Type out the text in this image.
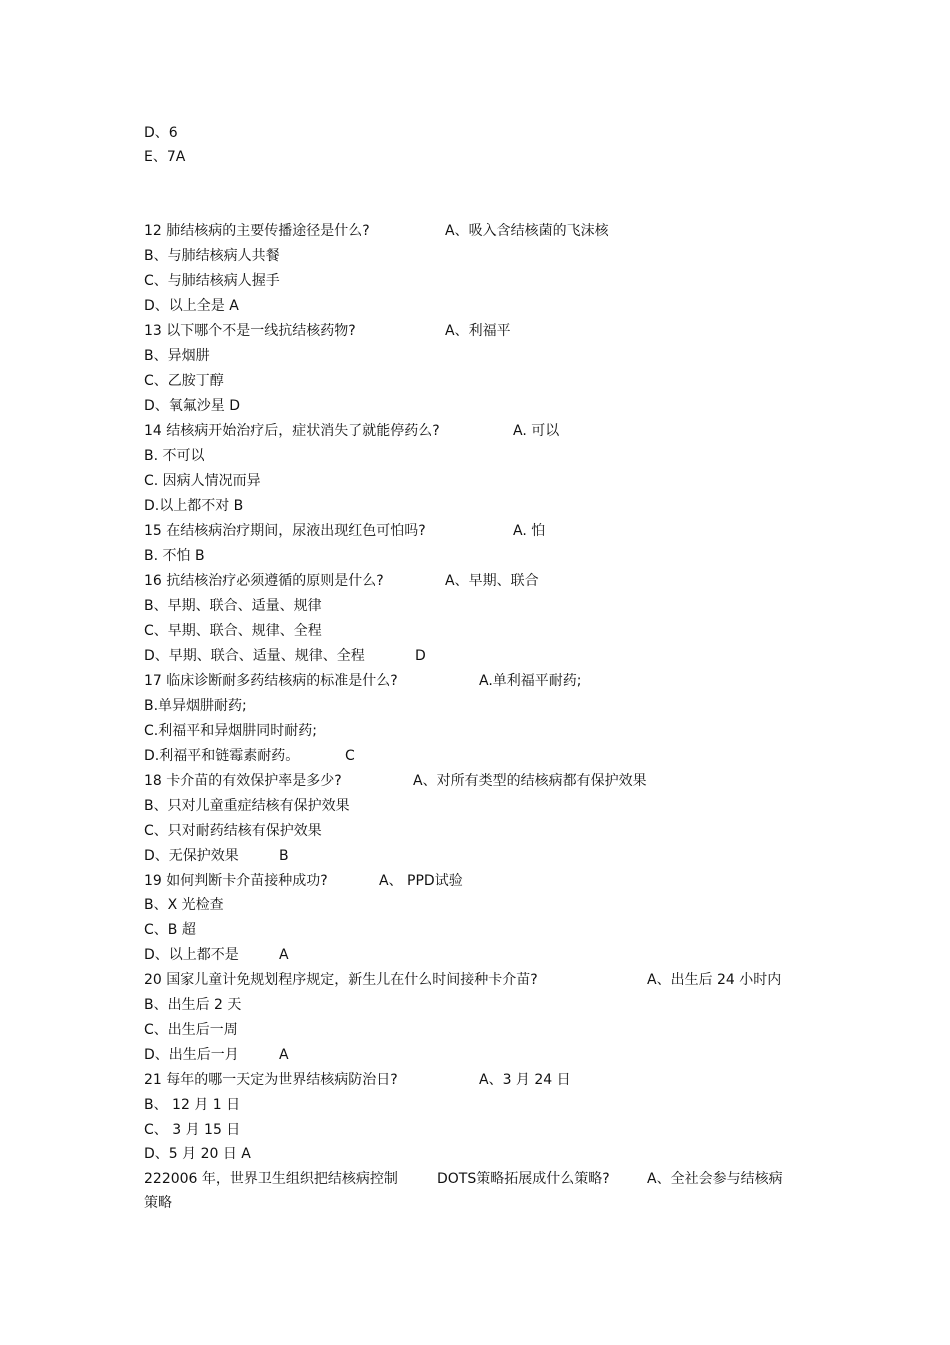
D、6
E、7A
12 肺结核病的主要传播途径是什么?	A、吸入含结核菌的飞沫核
B、与肺结核病人共餐
C、与肺结核病人握手
D、以上全是 A
13 以下哪个不是一线抗结核药物?	A、利福平
B、异烟肼
C、乙胺丁醇
D、氧氟沙星 D
14 结核病开始治疗后，症状消失了就能停药么?	A. 可以
B. 不可以
C. 因病人情况而异
D.以上都不对 B
15 在结核病治疗期间，尿液出现红色可怕吗?	A. 怕
B. 不怕 B
16 抗结核治疗必须遵循的原则是什么?	A、早期、联合
B、早期、联合、适量、规律
C、早期、联合、规律、全程
D、早期、联合、适量、规律、全程	D
17 临床诊断耐多药结核病的标准是什么?	A.单利福平耐药;
B.单异烟肼耐药;
C.利福平和异烟肼同时耐药;
D.利福平和链霉素耐药。	C
18 卡介苗的有效保护率是多少?	A、对所有类型的结核病都有保护效果
B、只对儿童重症结核有保护效果
C、只对耐药结核有保护效果
D、无保护效果	B
19 如何判断卡介苗接种成功?	A、 PPD试验
B、X 光检查
C、B 超
D、以上都不是	A
20 国家儿童计免规划程序规定，新生儿在什么时间接种卡介苗?	A、出生后 24 小时内
B、出生后 2 天
C、出生后一周
D、出生后一月	A
21 每年的哪一天定为世界结核病防治日?	A、3 月 24 日
B、 12 月 1 日
C、 3 月 15 日
D、5 月 20 日 A
222006 年，世界卫生组织把结核病控制	DOTS策略拓展成什么策略?	A、全社会参与结核病
策略
